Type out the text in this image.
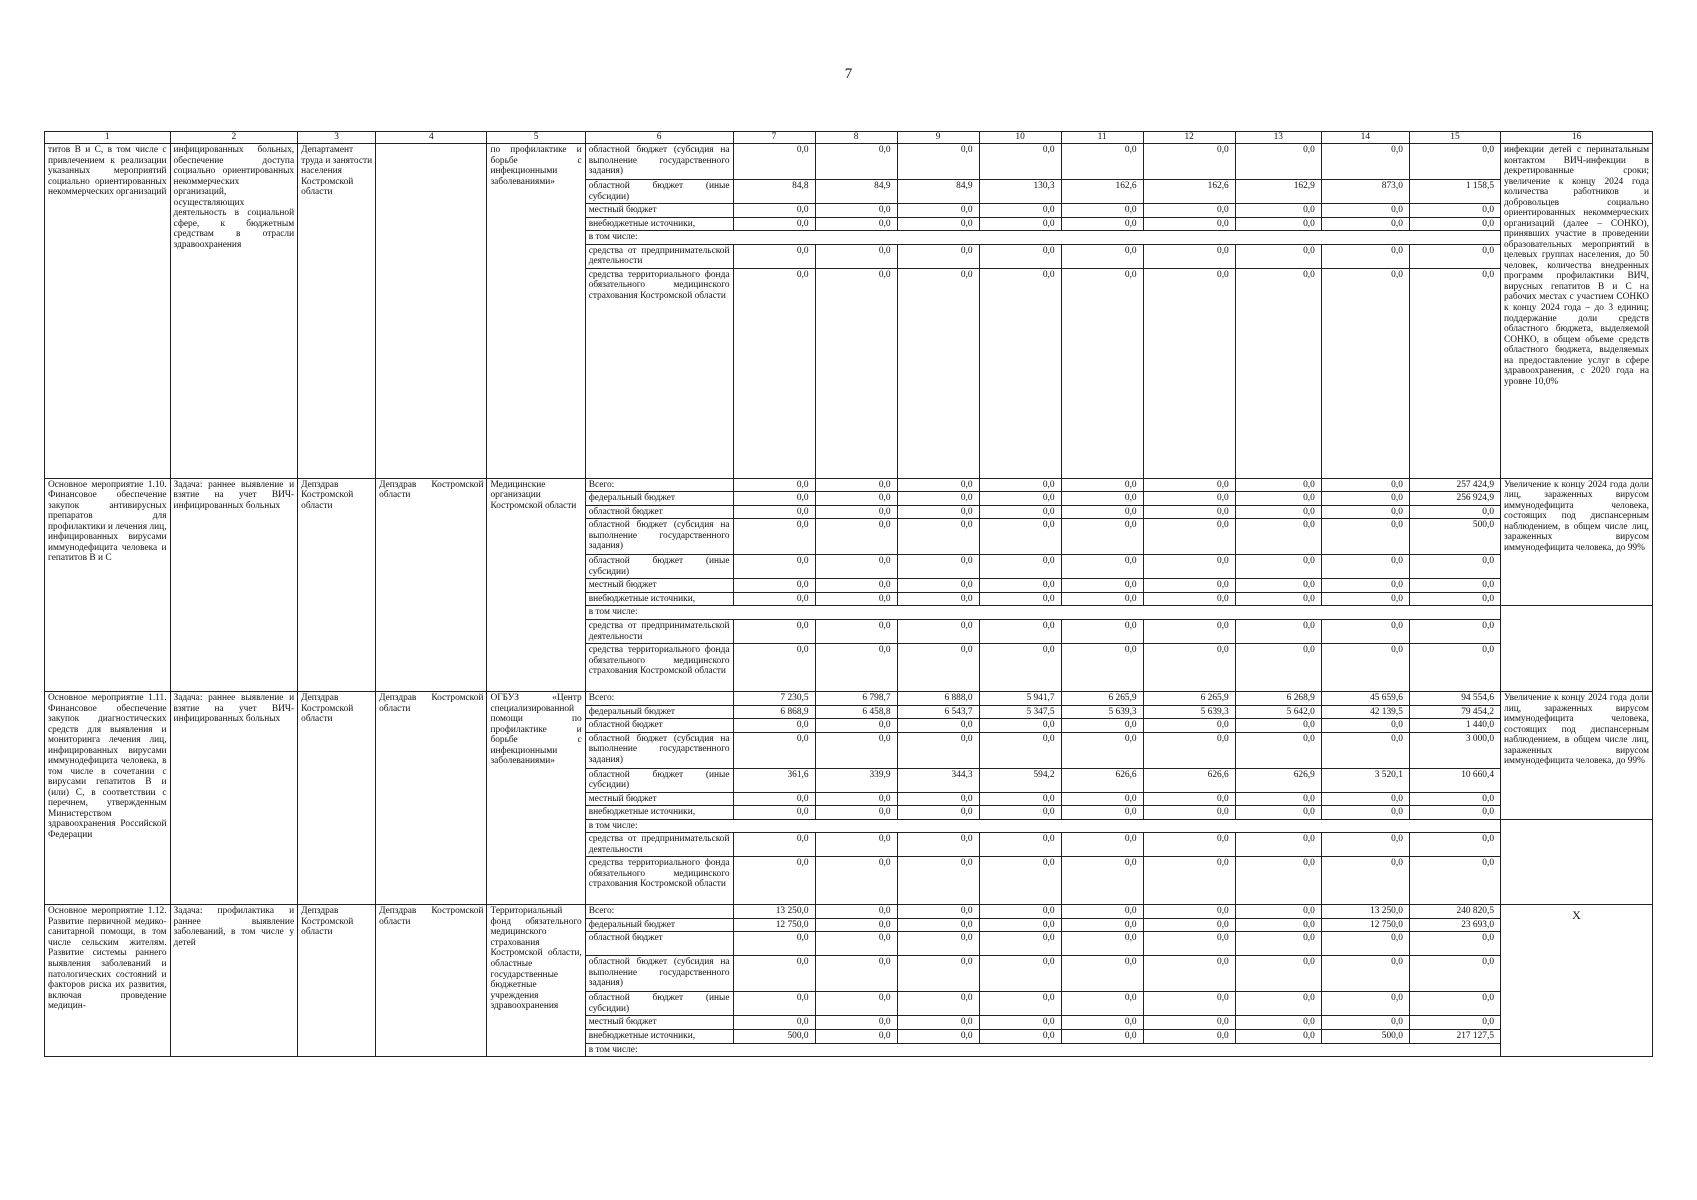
7
1	2	3	4	5	6	7	8	9	10	11	12	13	14	15	16
титов В и С, в том числе с привлечением к реализации указанных мероприятий социально ориентированных некоммерческих организаций	инфицированных больных, обеспечение доступа социально ориентированных некоммерческих организаций, осуществляющих деятельность в социальной сфере, к бюджетным средствам в отрасли здравоохранения	Департамент труда и занятости населения Костромской области		по профилактике и борьбе с инфекционными заболеваниями»	областной бюджет (субсидия на выполнение государственного задания)	0,0	0,0	0,0	0,0	0,0	0,0	0,0	0,0	0,0	инфекции детей с перинатальным контактом ВИЧ-инфекции в декретированные сроки; увеличение к концу 2024 года количества работников и добровольцев социально ориентированных некоммерческих организаций (далее – СОНКО), принявших участие в проведении образовательных мероприятий в целевых группах населения, до 50 человек, количества внедренных программ профилактики ВИЧ, вирусных гепатитов В и С на рабочих местах с участием СОНКО к концу 2024 года – до 3 единиц; поддержание доли средств областного бюджета, выделяемой СОНКО, в общем объеме средств областного бюджета, выделяемых на предоставление услуг в сфере здравоохранения, с 2020 года на уровне 10,0%
					областной бюджет (иные субсидии)	84,8	84,9	84,9	130,3	162,6	162,6	162,9	873,0	1 158,5	
					местный бюджет	0,0	0,0	0,0	0,0	0,0	0,0	0,0	0,0	0,0	
					внебюджетные источники,	0,0	0,0	0,0	0,0	0,0	0,0	0,0	0,0	0,0	
					в том числе:										
					средства от предпринимательской деятельности	0,0	0,0	0,0	0,0	0,0	0,0	0,0	0,0	0,0	
					средства территориального фонда обязательного медицинского страхования Костромской области	0,0	0,0	0,0	0,0	0,0	0,0	0,0	0,0	0,0	
Основное мероприятие 1.10. Финансовое обеспечение закупок антивирусных препаратов для профилактики и лечения лиц, инфицированных вирусами иммунодефицита человека и гепатитов В и С	Задача: раннее выявление и взятие на учет ВИЧ-инфицированных больных	Депздрав Костромской области	Депздрав Костромской области	Медицинские организации Костромской области	Всего:	0,0	0,0	0,0	0,0	0,0	0,0	0,0	0,0	257 424,9	Увеличение к концу 2024 года доли лиц, зараженных вирусом иммунодефицита человека, состоящих под диспансерным наблюдением, в общем числе лиц, зараженных вирусом иммунодефицита человека, до 99%
					федеральный бюджет	0,0	0,0	0,0	0,0	0,0	0,0	0,0	0,0	256 924,9	
					областной бюджет	0,0	0,0	0,0	0,0	0,0	0,0	0,0	0,0	0,0	
					областной бюджет (субсидия на выполнение государственного задания)	0,0	0,0	0,0	0,0	0,0	0,0	0,0	0,0	500,0	
					областной бюджет (иные субсидии)	0,0	0,0	0,0	0,0	0,0	0,0	0,0	0,0	0,0	
					местный бюджет	0,0	0,0	0,0	0,0	0,0	0,0	0,0	0,0	0,0	
					внебюджетные источники,	0,0	0,0	0,0	0,0	0,0	0,0	0,0	0,0	0,0	
					в том числе:										
					средства от предпринимательской деятельности	0,0	0,0	0,0	0,0	0,0	0,0	0,0	0,0	0,0	
					средства территориального фонда обязательного медицинского страхования Костромской области	0,0	0,0	0,0	0,0	0,0	0,0	0,0	0,0	0,0	
Основное мероприятие 1.11. Финансовое обеспечение закупок диагностических средств для выявления и мониторинга лечения лиц, инфицированных вирусами иммунодефицита человека, в том числе в сочетании с вирусами гепатитов В и (или) С, в соответствии с перечнем, утвержденным Министерством здравоохранения Российской Федерации	Задача: раннее выявление и взятие на учет ВИЧ-инфицированных больных	Депздрав Костромской области	Депздрав Костромской области	ОГБУЗ «Центр специализированной помощи по профилактике и борьбе с инфекционными заболеваниями»	Всего:	7 230,5	6 798,7	6 888,0	5 941,7	6 265,9	6 265,9	6 268,9	45 659,6	94 554,6	Увеличение к концу 2024 года доли лиц, зараженных вирусом иммунодефицита человека, состоящих под диспансерным наблюдением, в общем числе лиц, зараженных вирусом иммунодефицита человека, до 99%
					федеральный бюджет	6 868,9	6 458,8	6 543,7	5 347,5	5 639,3	5 639,3	5 642,0	42 139,5	79 454,2	
					областной бюджет	0,0	0,0	0,0	0,0	0,0	0,0	0,0	0,0	1 440,0	
					областной бюджет (субсидия на выполнение государственного задания)	0,0	0,0	0,0	0,0	0,0	0,0	0,0	0,0	3 000,0	
					областной бюджет (иные субсидии)	361,6	339,9	344,3	594,2	626,6	626,6	626,9	3 520,1	10 660,4	
					местный бюджет	0,0	0,0	0,0	0,0	0,0	0,0	0,0	0,0	0,0	
					внебюджетные источники,	0,0	0,0	0,0	0,0	0,0	0,0	0,0	0,0	0,0	
					в том числе:										
					средства от предпринимательской деятельности	0,0	0,0	0,0	0,0	0,0	0,0	0,0	0,0	0,0	
					средства территориального фонда обязательного медицинского страхования Костромской области	0,0	0,0	0,0	0,0	0,0	0,0	0,0	0,0	0,0	
Основное мероприятие 1.12. Развитие первичной медико-санитарной помощи, в том числе сельским жителям. Развитие системы раннего выявления заболеваний и патологических состояний и факторов риска их развития, включая проведение медицин-	Задача: профилактика и раннее выявление заболеваний, в том числе у детей	Депздрав Костромской области	Депздрав Костромской области	Территориальный фонд обязательного медицинского страхования Костромской области, областные государственные бюджетные учреждения здравоохранения	Всего:	13 250,0	0,0	0,0	0,0	0,0	0,0	0,0	13 250,0	240 820,5	Х
					федеральный бюджет	12 750,0	0,0	0,0	0,0	0,0	0,0	0,0	12 750,0	23 693,0	
					областной бюджет	0,0	0,0	0,0	0,0	0,0	0,0	0,0	0,0	0,0	
					областной бюджет (субсидия на выполнение государственного задания)	0,0	0,0	0,0	0,0	0,0	0,0	0,0	0,0	0,0	
					областной бюджет (иные субсидии)	0,0	0,0	0,0	0,0	0,0	0,0	0,0	0,0	0,0	
					местный бюджет	0,0	0,0	0,0	0,0	0,0	0,0	0,0	0,0	0,0	
					внебюджетные источники,	500,0	0,0	0,0	0,0	0,0	0,0	0,0	500,0	217 127,5	
					в том числе:										
